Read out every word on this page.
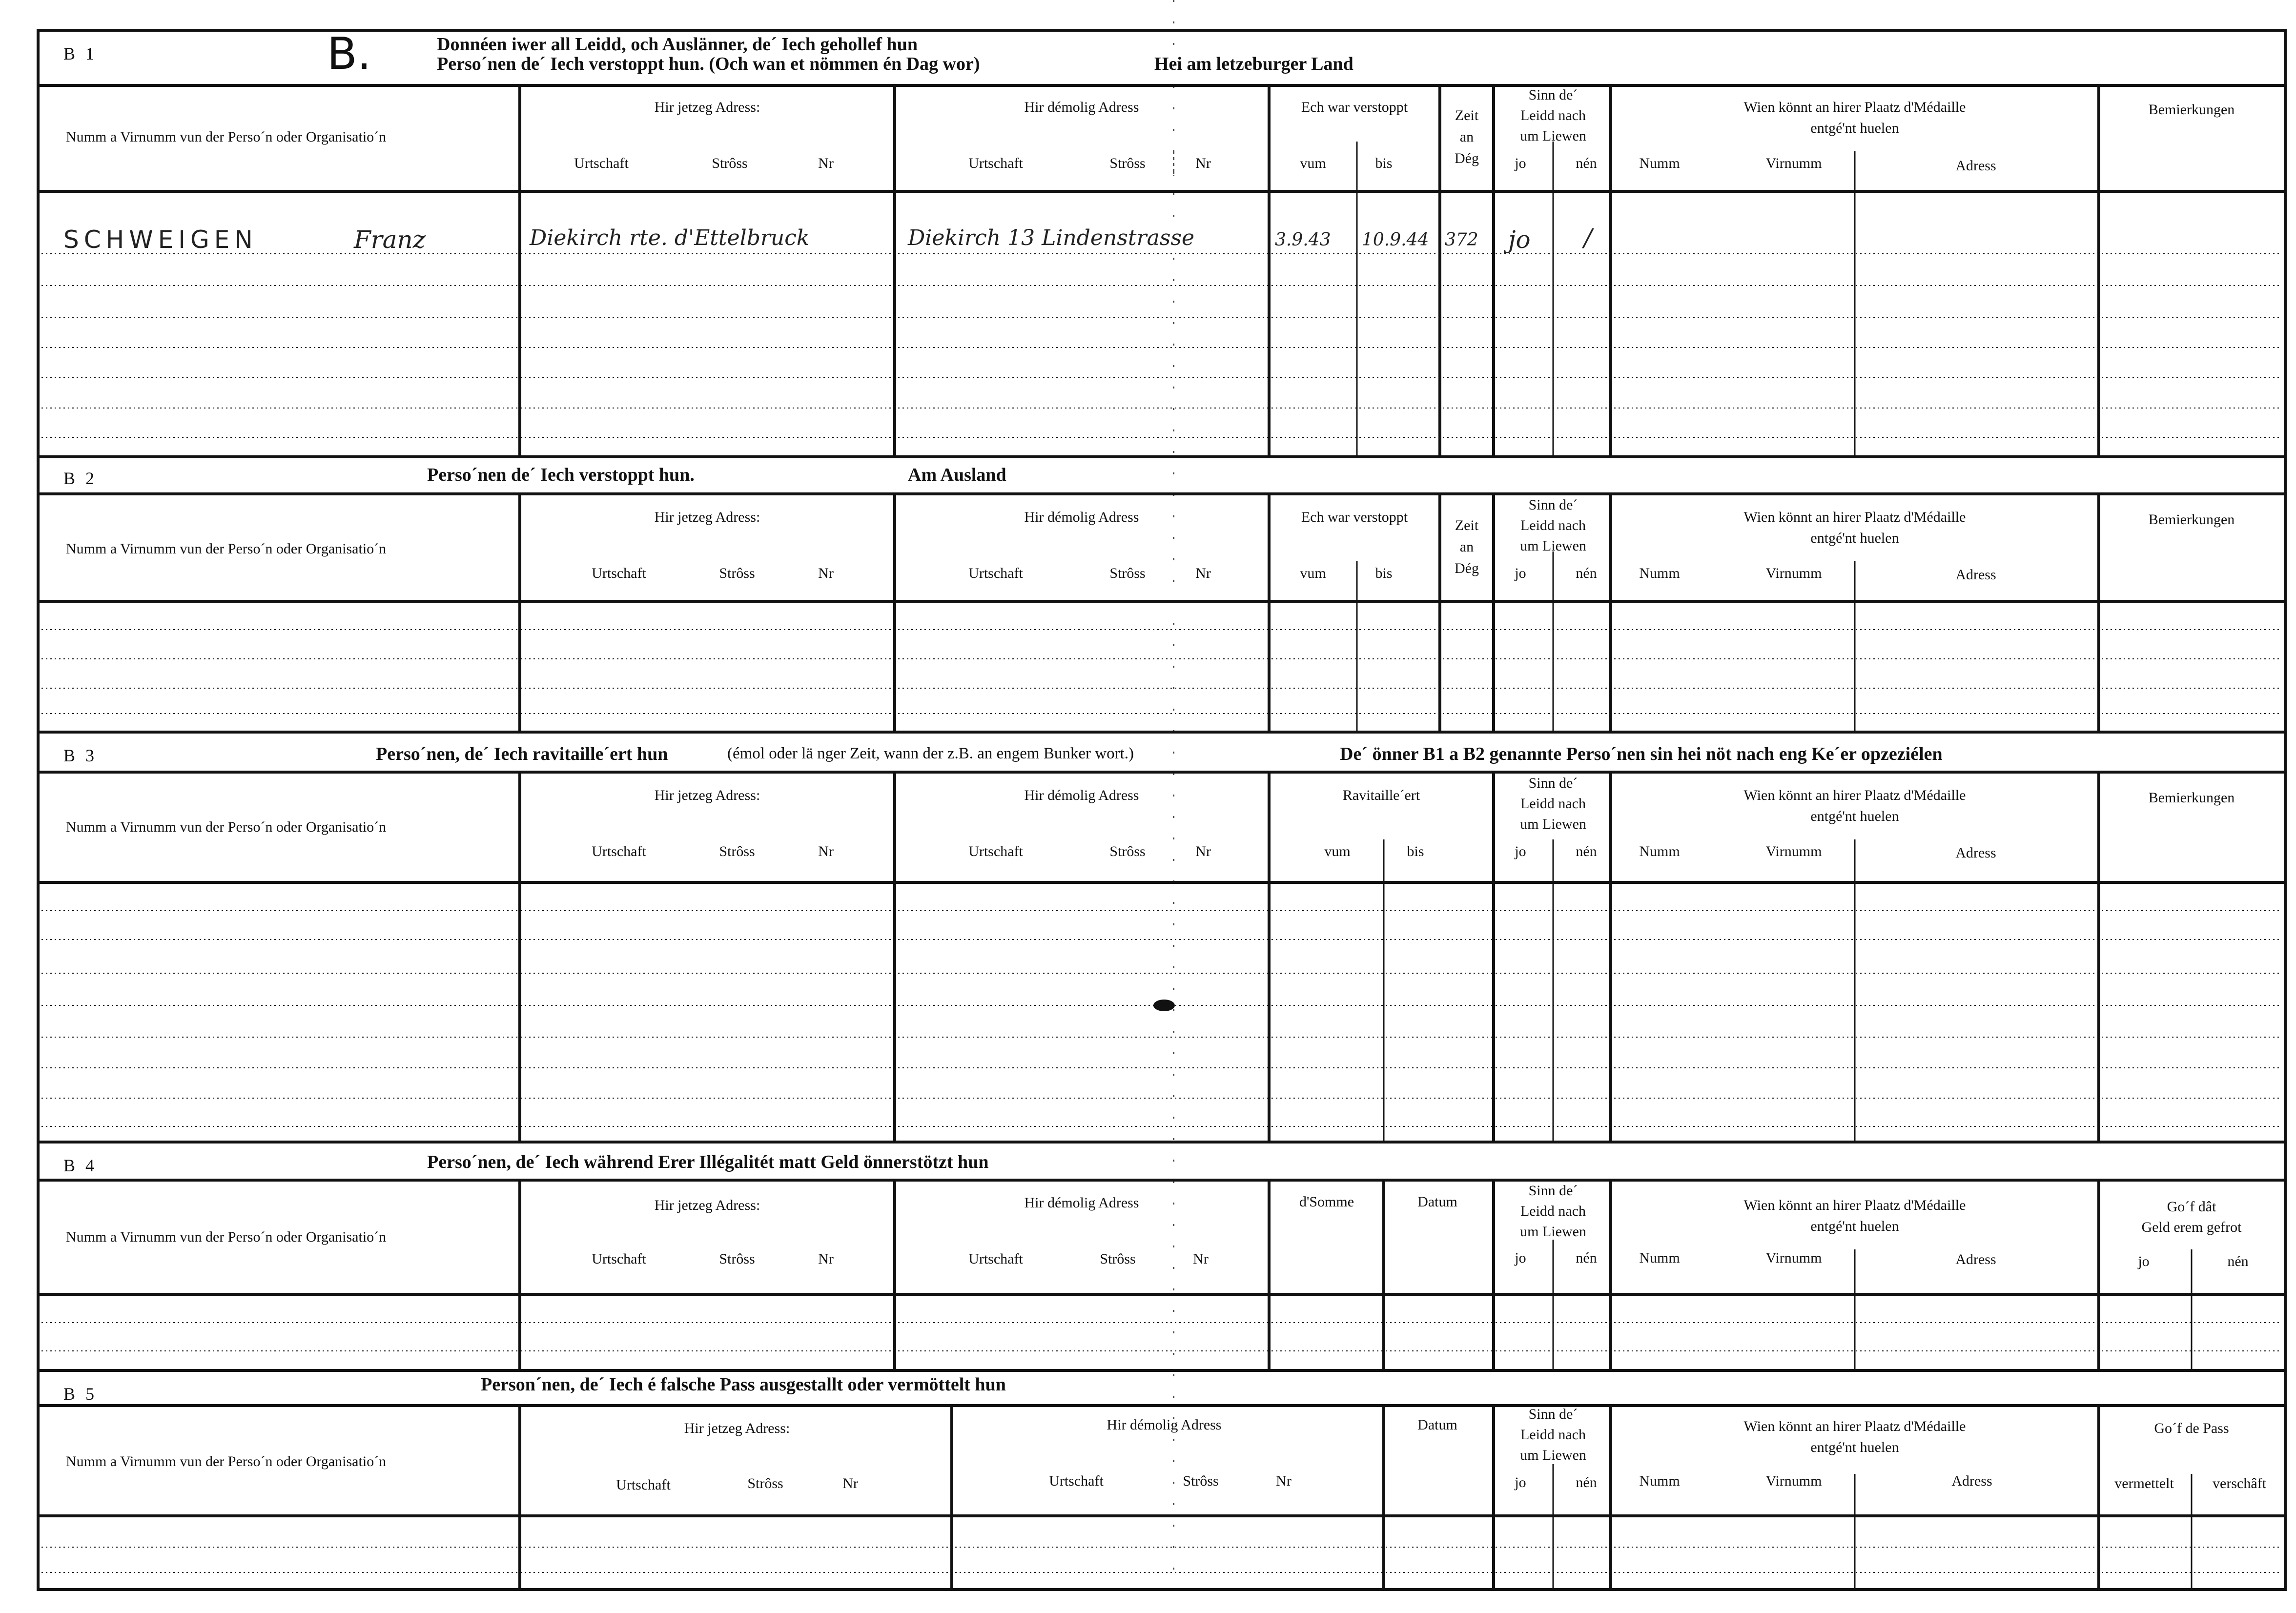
B 1	B.	Donnéen iwer all Leidd, och Auslänner, de´ Iech gehollef hun
Perso´nen de´ Iech verstoppt hun. (Och wan et nömmen én Dag wor)	Hei am letzeburger Land
Numm a Virnumm vun der Perso´n oder Organisatio´n
Hir jetzeg Adress:
Urtschaft	Strôss	Nr
Hir démolig Adress
Urtschaft	Strôss	Nr
Ech war verstoppt
vum	bis
Zeit
an
Dég
Sinn de´
Leidd nach
um Liewen
jo	nén
Wien könnt an hirer Plaatz d'Médaille
entgé'nt huelen
Numm	Virnumm	Adress
Bemierkungen
SCHWEIGEN	Franz	Diekirch rte. d'Ettelbruck	Diekirch 13 Lindenstrasse	3.9.43 10.9.44 372 jo /
B 2	Perso´nen de´ Iech verstoppt hun.	Am Ausland
Numm a Virnumm vun der Perso´n oder Organisatio´n
Hir jetzeg Adress:
Urtschaft	Strôss	Nr
Hir démolig Adress
Urtschaft	Strôss	Nr
Ech war verstoppt
vum	bis
Zeit
an
Dég
Sinn de´
Leidd nach
um Liewen
jo	nén
Wien könnt an hirer Plaatz d'Médaille
entgé'nt huelen
Numm	Virnumm	Adress
Bemierkungen
B 3	Perso´nen, de´ Iech ravitaille´ert hun	(émol oder lä nger Zeit, wann der z.B. an engem Bunker wort.)	De´ önner B1 a B2 genannte Perso´nen sin hei nöt nach eng Ke´er opzeziélen
Numm a Virnumm vun der Perso´n oder Organisatio´n
Hir jetzeg Adress:
Urtschaft	Strôss	Nr
Hir démolig Adress
Urtschaft	Strôss	Nr
Ravitaille´ert
vum	bis
Sinn de´
Leidd nach
um Liewen
jo	nén
Wien könnt an hirer Plaatz d'Médaille
entgé'nt huelen
Numm	Virnumm	Adress
Bemierkungen
B 4	Perso´nen, de´ Iech während Erer Illégalitét matt Geld önnerstötzt hun
Numm a Virnumm vun der Perso´n oder Organisatio´n
Hir jetzeg Adress:
Urtschaft	Strôss	Nr
Hir démolig Adress
Urtschaft	Strôss	Nr
d'Somme	Datum
Sinn de´
Leidd nach
um Liewen
jo	nén
Wien könnt an hirer Plaatz d'Médaille
entgé'nt huelen
Numm	Virnumm	Adress
Go´f dât
Geld erem gefrot
jo	nén
B 5	Person´nen, de´ Iech é falsche Pass ausgestallt oder vermöttelt hun
Numm a Virnumm vun der Perso´n oder Organisatio´n
Hir jetzeg Adress:
Urtschaft	Strôss	Nr
Hir démolig Adress
Urtschaft	Strôss	Nr
Datum
Sinn de´
Leidd nach
um Liewen
jo	nén
Wien könnt an hirer Plaatz d'Médaille
entgé'nt huelen
Numm	Virnumm	Adress
Go´f de Pass
vermettelt	verschâft
